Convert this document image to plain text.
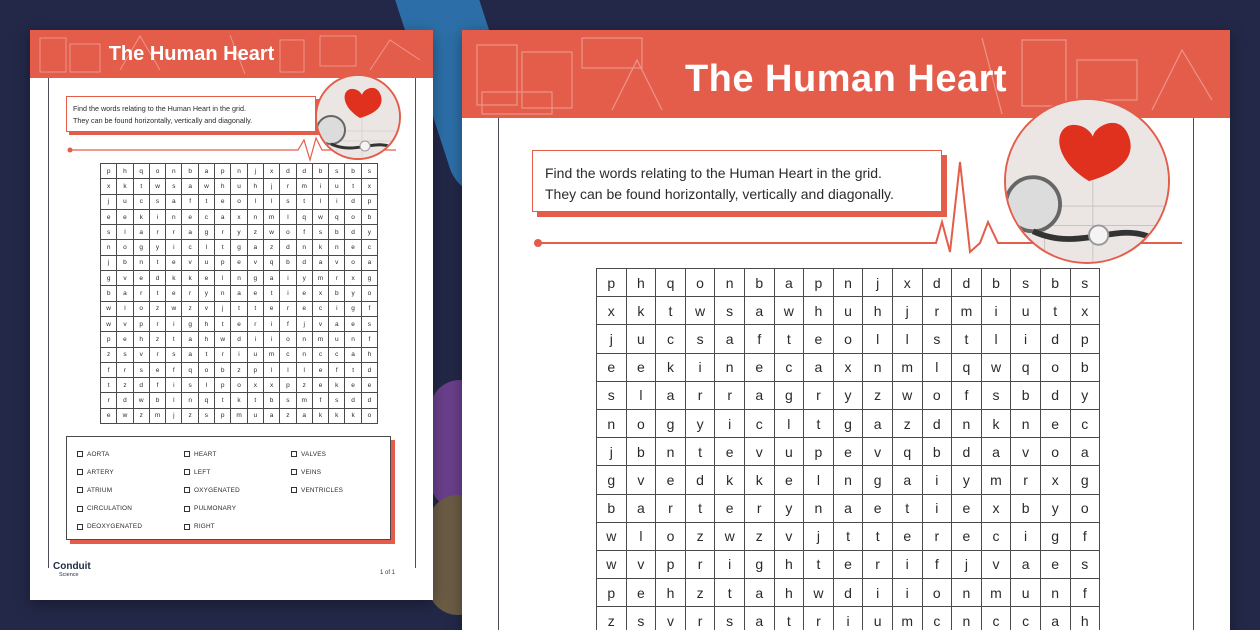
The Human Heart
Find the words relating to the Human Heart in the grid.
They can be found horizontally, vertically and diagonally.
p	h	q	o	n	b	a	p	n	j	x	d	d	b	s	b	s
x	k	t	w	s	a	w	h	u	h	j	r	m	i	u	t	x
j	u	c	s	a	f	t	e	o	l	l	s	t	l	i	d	p
e	e	k	i	n	e	c	a	x	n	m	l	q	w	q	o	b
s	l	a	r	r	a	g	r	y	z	w	o	f	s	b	d	y
n	o	g	y	i	c	l	t	g	a	z	d	n	k	n	e	c
j	b	n	t	e	v	u	p	e	v	q	b	d	a	v	o	a
g	v	e	d	k	k	e	l	n	g	a	i	y	m	r	x	g
b	a	r	t	e	r	y	n	a	e	t	i	e	x	b	y	o
w	l	o	z	w	z	v	j	t	t	e	r	e	c	i	g	f
w	v	p	r	i	g	h	t	e	r	i	f	j	v	a	e	s
p	e	h	z	t	a	h	w	d	i	i	o	n	m	u	n	f
z	s	v	r	s	a	t	r	i	u	m	c	n	c	c	a	h
f	r	s	e	f	q	o	b	z	p	l	l	l	e	f	t	d
t	z	d	f	i	s	l	p	o	x	x	p	z	e	k	e	e
r	d	w	b	l	n	q	t	k	t	b	s	m	f	s	d	d
e	w	z	m	j	z	s	p	m	u	a	z	a	k	k	k	o
AORTA
ARTERY
ATRIUM
CIRCULATION
DEOXYGENATED
HEART
LEFT
OXYGENATED
PULMONARY
RIGHT
VALVES
VEINS
VENTRICLES
Conduit
Science	1 of 1
The Human Heart
Find the words relating to the Human Heart in the grid.
They can be found horizontally, vertically and diagonally.
p	h	q	o	n	b	a	p	n	j	x	d	d	b	s	b	s
x	k	t	w	s	a	w	h	u	h	j	r	m	i	u	t	x
j	u	c	s	a	f	t	e	o	l	l	s	t	l	i	d	p
e	e	k	i	n	e	c	a	x	n	m	l	q	w	q	o	b
s	l	a	r	r	a	g	r	y	z	w	o	f	s	b	d	y
n	o	g	y	i	c	l	t	g	a	z	d	n	k	n	e	c
j	b	n	t	e	v	u	p	e	v	q	b	d	a	v	o	a
g	v	e	d	k	k	e	l	n	g	a	i	y	m	r	x	g
b	a	r	t	e	r	y	n	a	e	t	i	e	x	b	y	o
w	l	o	z	w	z	v	j	t	t	e	r	e	c	i	g	f
w	v	p	r	i	g	h	t	e	r	i	f	j	v	a	e	s
p	e	h	z	t	a	h	w	d	i	i	o	n	m	u	n	f
z	s	v	r	s	a	t	r	i	u	m	c	n	c	c	a	h
